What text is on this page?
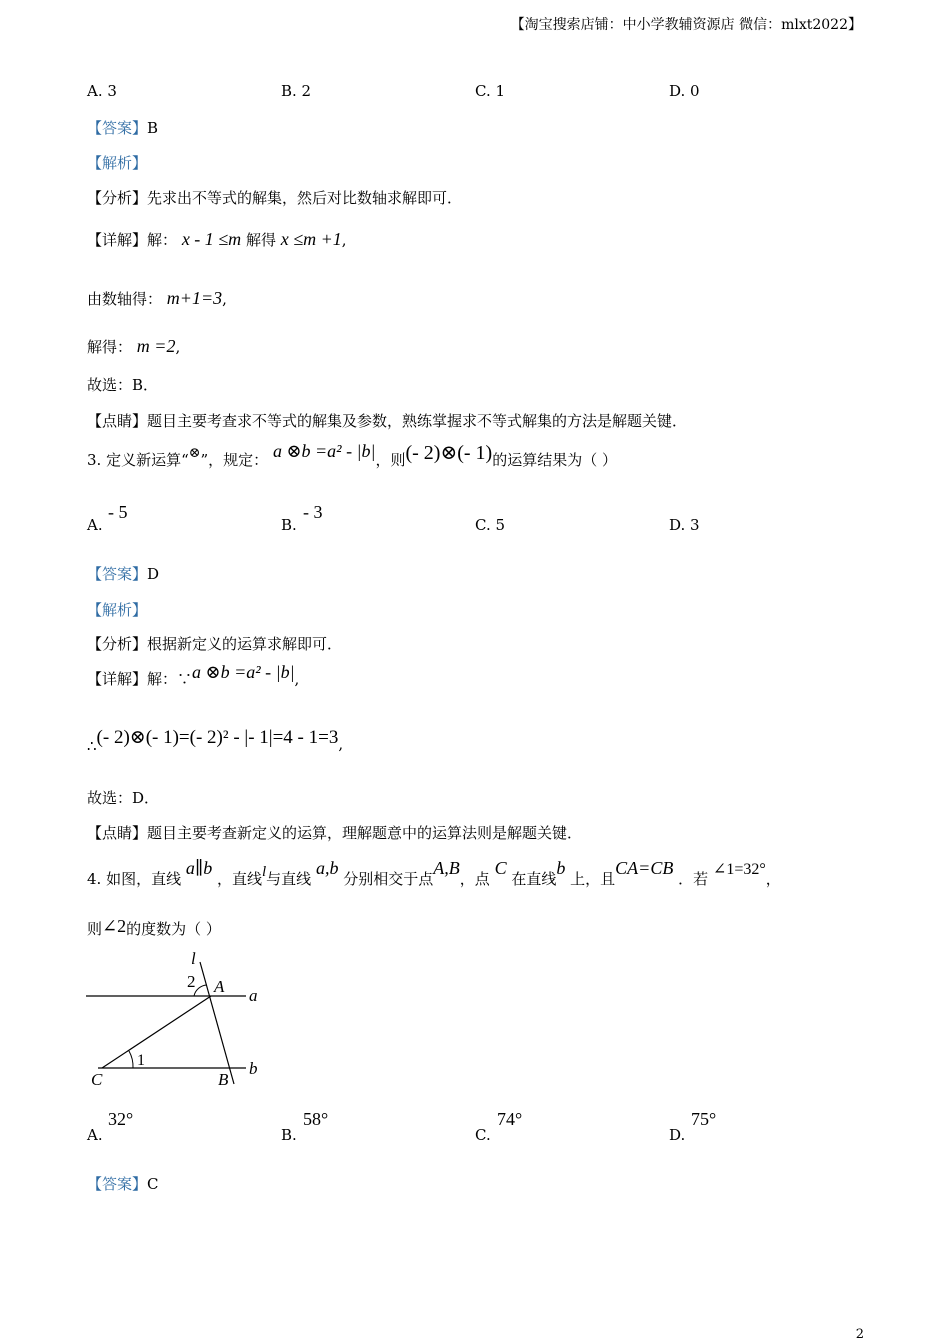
【淘宝搜索店铺：中小学教辅资源店 微信：mlxt2022】
A. 3	B. 2	C. 1	D. 0
【答案】B
【解析】
【分析】先求出不等式的解集，然后对比数轴求解即可．
【详解】解： x - 1 ≤m 解得 x ≤m +1,
由数轴得： m+1=3,
解得： m =2,
故选：B．
【点睛】题目主要考查求不等式的解集及参数，熟练掌握求不等式解集的方法是解题关键．
3. 定义新运算“⊗”，规定： a ⊗b =a² - |b|，则(- 2)⊗(- 1)的运算结果为（ ）
A.
- 5
B.
- 3
C. 5	D. 3
【答案】D
【解析】
【分析】根据新定义的运算求解即可．
【详解】解：∵a ⊗b =a² - |b|,
∴(- 2)⊗(- 1)=(- 2)² - |- 1|=4 - 1=3,
故选：D．
【点睛】题目主要考查新定义的运算，理解题意中的运算法则是解题关键．
4. 如图，直线 a∥b ，直线l与直线 a,b 分别相交于点A,B，点 C 在直线b 上，且CA=CB ．若 ∠1=32°，
则∠2的度数为（ ）
l
2 A a
1
C	B
b
A.
32°
B.
58°
C.
74°
D.
75°
【答案】C
2
